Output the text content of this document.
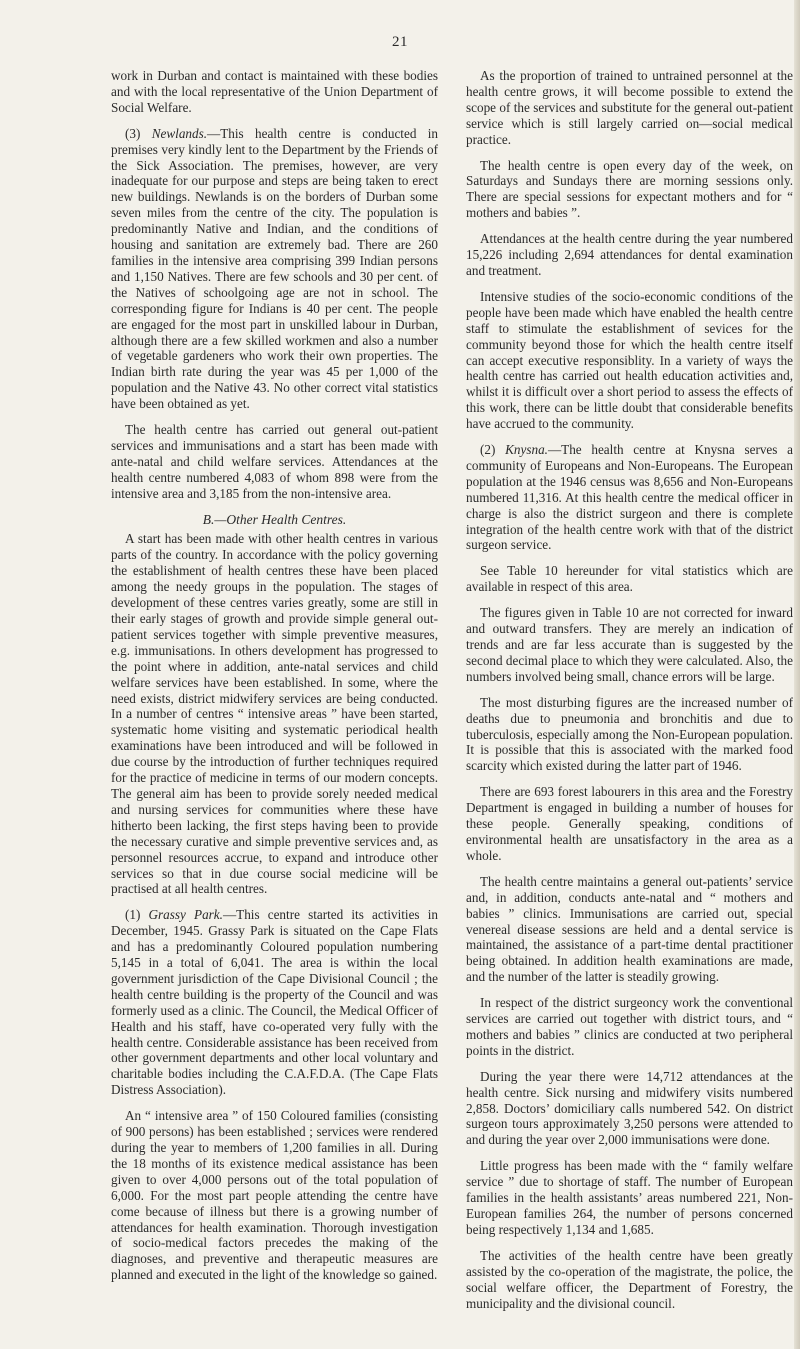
21

work in Durban and contact is maintained with these bodies and with the local representative of the Union Department of Social Welfare.

(3) Newlands.—This health centre is conducted in premises very kindly lent to the Department by the Friends of the Sick Association. The premises, however, are very inadequate for our purpose and steps are being taken to erect new buildings. Newlands is on the borders of Durban some seven miles from the centre of the city. The population is predominantly Native and Indian, and the conditions of housing and sanitation are extremely bad. There are 260 families in the intensive area comprising 399 Indian persons and 1,150 Natives. There are few schools and 30 per cent. of the Natives of schoolgoing age are not in school. The corresponding figure for Indians is 40 per cent. The people are engaged for the most part in unskilled labour in Durban, although there are a few skilled workmen and also a number of vegetable gardeners who work their own properties. The Indian birth rate during the year was 45 per 1,000 of the population and the Native 43. No other correct vital statistics have been obtained as yet.

The health centre has carried out general out-patient services and immunisations and a start has been made with ante-natal and child welfare services. Attendances at the health centre numbered 4,083 of whom 898 were from the intensive area and 3,185 from the non-intensive area.

B.—Other Health Centres.

A start has been made with other health centres in various parts of the country. In accordance with the policy governing the establishment of health centres these have been placed among the needy groups in the population. The stages of development of these centres varies greatly, some are still in their early stages of growth and provide simple general out-patient services together with simple preventive measures, e.g. immunisations. In others development has progressed to the point where in addition, ante-natal services and child welfare services have been established. In some, where the need exists, district midwifery services are being conducted. In a number of centres “ intensive areas ” have been started, systematic home visiting and systematic periodical health examinations have been introduced and will be followed in due course by the introduction of further techniques required for the practice of medicine in terms of our modern concepts. The general aim has been to provide sorely needed medical and nursing services for communities where these have hitherto been lacking, the first steps having been to provide the necessary curative and simple preventive services and, as personnel resources accrue, to expand and introduce other services so that in due course social medicine will be practised at all health centres.

(1) Grassy Park.—This centre started its activities in December, 1945. Grassy Park is situated on the Cape Flats and has a predominantly Coloured population numbering 5,145 in a total of 6,041. The area is within the local government jurisdiction of the Cape Divisional Council ; the health centre building is the property of the Council and was formerly used as a clinic. The Council, the Medical Officer of Health and his staff, have co-operated very fully with the health centre. Considerable assistance has been received from other government departments and other local voluntary and charitable bodies including the C.A.F.D.A. (The Cape Flats Distress Association).

An “ intensive area ” of 150 Coloured families (consisting of 900 persons) has been established ; services were rendered during the year to members of 1,200 families in all. During the 18 months of its existence medical assistance has been given to over 4,000 persons out of the total population of 6,000. For the most part people attending the centre have come because of illness but there is a growing number of attendances for health examination. Thorough investigation of socio-medical factors precedes the making of the diagnoses, and preventive and therapeutic measures are planned and executed in the light of the knowledge so gained.

As the proportion of trained to untrained personnel at the health centre grows, it will become possible to extend the scope of the services and substitute for the general out-patient service which is still largely carried on—social medical practice.

The health centre is open every day of the week, on Saturdays and Sundays there are morning sessions only. There are special sessions for expectant mothers and for “ mothers and babies ”.

Attendances at the health centre during the year numbered 15,226 including 2,694 attendances for dental examination and treatment.

Intensive studies of the socio-economic conditions of the people have been made which have enabled the health centre staff to stimulate the establishment of sevices for the community beyond those for which the health centre itself can accept executive responsiblity. In a variety of ways the health centre has carried out health education activities and, whilst it is difficult over a short period to assess the effects of this work, there can be little doubt that considerable benefits have accrued to the community.

(2) Knysna.—The health centre at Knysna serves a community of Europeans and Non-Europeans. The European population at the 1946 census was 8,656 and Non-Europeans numbered 11,316. At this health centre the medical officer in charge is also the district surgeon and there is complete integration of the health centre work with that of the district surgeon service.

See Table 10 hereunder for vital statistics which are available in respect of this area.

The figures given in Table 10 are not corrected for inward and outward transfers. They are merely an indication of trends and are far less accurate than is suggested by the second decimal place to which they were calculated. Also, the numbers involved being small, chance errors will be large.

The most disturbing figures are the increased number of deaths due to pneumonia and bronchitis and due to tuberculosis, especially among the Non-European population. It is possible that this is associated with the marked food scarcity which existed during the latter part of 1946.

There are 693 forest labourers in this area and the Forestry Department is engaged in building a number of houses for these people. Generally speaking, conditions of environmental health are unsatisfactory in the area as a whole.

The health centre maintains a general out-patients’ service and, in addition, conducts ante-natal and “ mothers and babies ” clinics. Immunisations are carried out, special venereal disease sessions are held and a dental service is maintained, the assistance of a part-time dental practitioner being obtained. In addition health examinations are made, and the number of the latter is steadily growing.

In respect of the district surgeoncy work the conventional services are carried out together with district tours, and “ mothers and babies ” clinics are conducted at two peripheral points in the district.

During the year there were 14,712 attendances at the health centre. Sick nursing and midwifery visits numbered 2,858. Doctors’ domiciliary calls numbered 542. On district surgeon tours approximately 3,250 persons were attended to and during the year over 2,000 immunisations were done.

Little progress has been made with the “ family welfare service ” due to shortage of staff. The number of European families in the health assistants’ areas numbered 221, Non-European families 264, the number of persons concerned being respectively 1,134 and 1,685.

The activities of the health centre have been greatly assisted by the co-operation of the magistrate, the police, the social welfare officer, the Department of Forestry, the municipality and the divisional council.
